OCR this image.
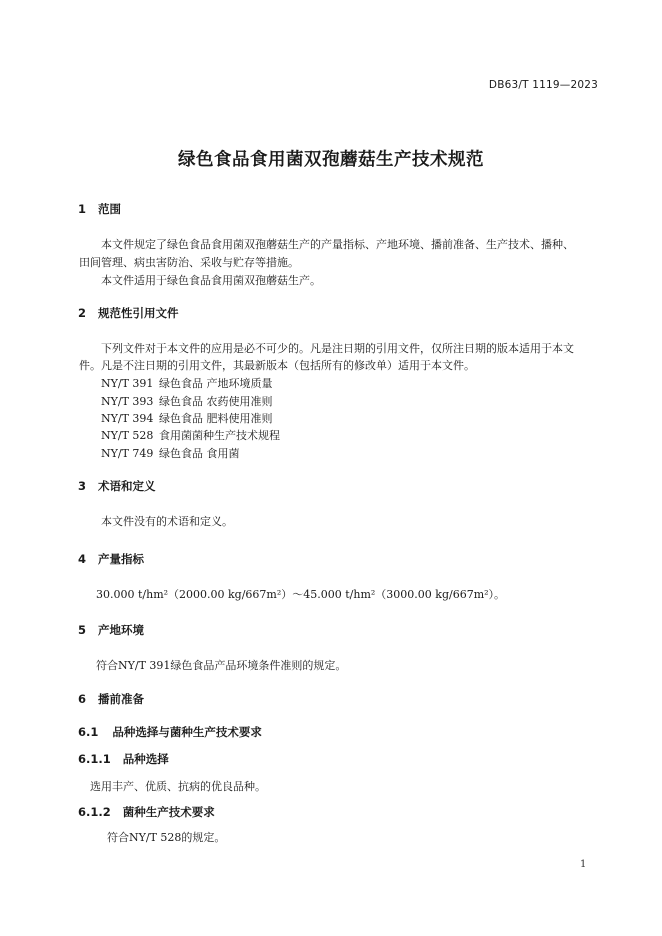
DB63/T 1119—2023
绿色食品食用菌双孢蘑菇生产技术规范
1 范围
本文件规定了绿色食品食用菌双孢蘑菇生产的产量指标、产地环境、播前准备、生产技术、播种、
田间管理、病虫害防治、采收与贮存等措施。
本文件适用于绿色食品食用菌双孢蘑菇生产。
2 规范性引用文件
下列文件对于本文件的应用是必不可少的。凡是注日期的引用文件，仅所注日期的版本适用于本文
件。凡是不注日期的引用文件，其最新版本（包括所有的修改单）适用于本文件。
NY/T 391 绿色食品 产地环境质量
NY/T 393 绿色食品 农药使用准则
NY/T 394 绿色食品 肥料使用准则
NY/T 528 食用菌菌种生产技术规程
NY/T 749 绿色食品 食用菌
3 术语和定义
本文件没有的术语和定义。
4 产量指标
30.000 t/hm²（2000.00 kg/667m²）～45.000 t/hm²（3000.00 kg/667m²）。
5 产地环境
符合NY/T 391绿色食品产品环境条件准则的规定。
6 播前准备
6.1 品种选择与菌种生产技术要求
6.1.1 品种选择
选用丰产、优质、抗病的优良品种。
6.1.2 菌种生产技术要求
符合NY/T 528的规定。
1
